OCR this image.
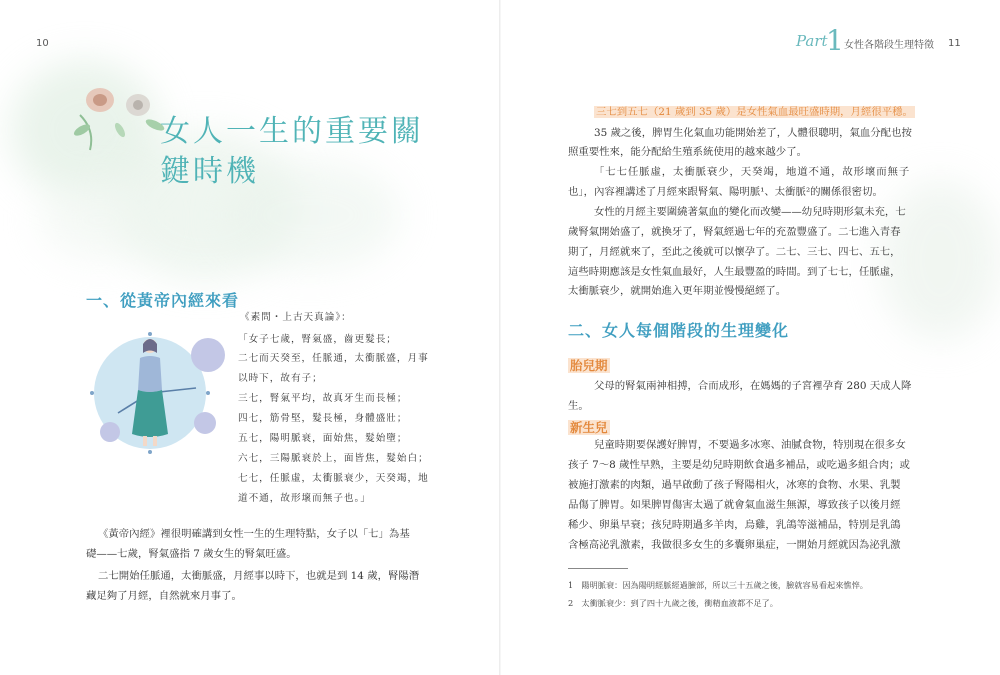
10
女人一生的重要關
鍵時機
一、從黃帝內經來看
《素問・上古天真論》：
「女子七歲，腎氣盛，齒更髮長；
二七而天癸至，任脈通，太衝脈盛，月事
以時下，故有子；
三七，腎氣平均，故真牙生而長極；
四七，筋骨堅，髮長極，身體盛壯；
五七，陽明脈衰，面始焦，髮始墮；
六七，三陽脈衰於上，面皆焦，髮始白；
七七，任脈虛，太衝脈衰少，天癸竭，地
道不通，故形壞而無子也。」
《黃帝內經》裡很明確講到女性一生的生理特點，女子以「七」為基
礎——七歲，腎氣盛指 7 歲女生的腎氣旺盛。
二七開始任脈通，太衝脈盛，月經事以時下，也就是到 14 歲，腎陽潛
藏足夠了月經，自然就來月事了。
Part
1 女性各階段生理特徵 11
三七到五七（21 歲到 35 歲）是女性氣血最旺盛時期，月經很平穩。
35 歲之後，脾胃生化氣血功能開始差了，人體很聰明，氣血分配也按
照重要性來，能分配給生殖系統使用的越來越少了。
「七七任脈虛，太衝脈衰少，天癸竭，地道不通，故形壞而無子
也」，內容裡講述了月經來跟腎氣、陽明脈¹、太衝脈²的關係很密切。
女性的月經主要圍繞著氣血的變化而改變——幼兒時期形氣未充，七
歲腎氣開始盛了，就換牙了，腎氣經過七年的充盈豐盛了。二七進入青春
期了，月經就來了，至此之後就可以懷孕了。二七、三七、四七、五七，
這些時期應該是女性氣血最好，人生最豐盈的時間。到了七七，任脈虛，
太衝脈衰少，就開始進入更年期並慢慢絕經了。
二、女人每個階段的生理變化
胎兒期
父母的腎氣兩神相搏，合而成形，在媽媽的子宮裡孕育 280 天成人降
生。
新生兒
兒童時期要保護好脾胃，不要過多冰寒、油膩食物，特別現在很多女
孩子 7～8 歲性早熟，主要是幼兒時期飲食過多補品，或吃過多組合肉；或
被施打激素的肉類，過早啟動了孩子腎陽相火，冰寒的食物、水果、乳製
品傷了脾胃。如果脾胃傷害太過了就會氣血滋生無源，導致孩子以後月經
稀少、卵巢早衰；孩兒時期過多羊肉，烏雞，乳鴿等滋補品，特別是乳鴿
含極高泌乳激素，我做很多女生的多囊卵巢症，一開始月經就因為泌乳激
1　陽明脈衰：因為陽明經脈經過臉部，所以三十五歲之後，臉就容易看起來憔悴。
2　太衝脈衰少：到了四十九歲之後，衝精血液都不足了。
